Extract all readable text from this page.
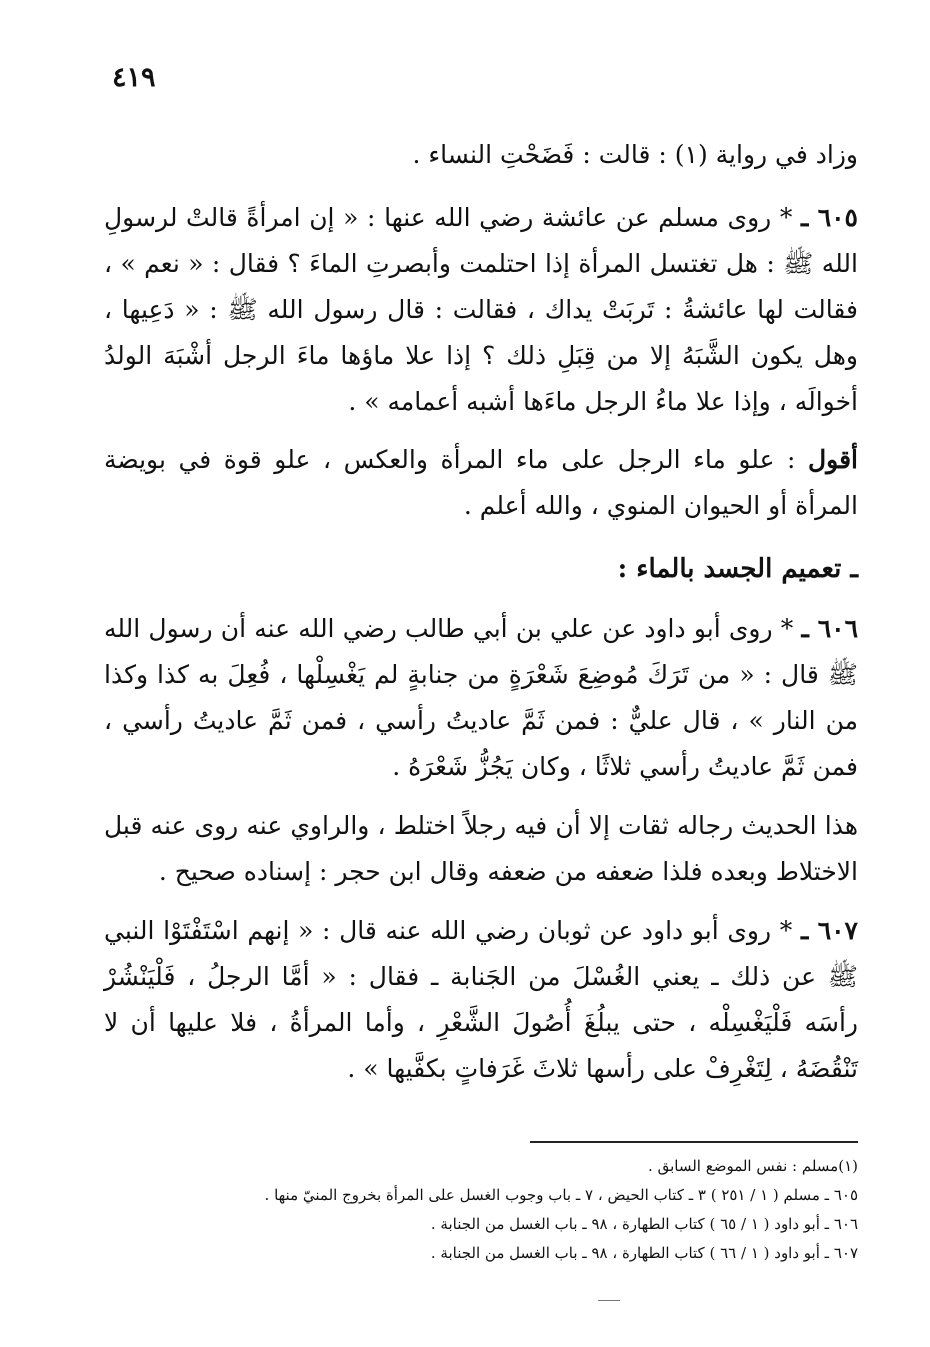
٤١٩

وزاد في رواية (١) : قالت : فَضَحْتِ النساء .

٦٠٥ ـ * روى مسلم عن عائشة رضي الله عنها : « إن امرأةً قالتْ لرسولِ الله ﷺ : هل تغتسل المرأة إذا احتلمت وأبصرتِ الماءَ ؟ فقال : « نعم » ، فقالت لها عائشةُ : تَربَتْ يداك ، فقالت : قال رسول الله ﷺ : « دَعِيها ، وهل يكون الشَّبَهُ إلا من قِبَلِ ذلك ؟ إذا علا ماؤها ماءَ الرجل أشْبَهَ الولدُ أخوالَه ، وإذا علا ماءُ الرجل ماءَها أشبه أعمامه » .

أقول : علو ماء الرجل على ماء المرأة والعكس ، علو قوة في بويضة المرأة أو الحيوان المنوي ، والله أعلم .

ـ تعميم الجسد بالماء :

٦٠٦ ـ * روى أبو داود عن علي بن أبي طالب رضي الله عنه أن رسول الله ﷺ قال : « من تَرَكَ مُوضِعَ شَعْرَةٍ من جنابةٍ لم يَغْسِلْها ، فُعِلَ به كذا وكذا من النار » ، قال عليٌّ : فمن ثَمَّ عاديتُ رأسي ، فمن ثَمَّ عاديتُ رأسي ، فمن ثَمَّ عاديتُ رأسي ثلاثًا ، وكان يَجُزُّ شَعْرَهُ .

هذا الحديث رجاله ثقات إلا أن فيه رجلاً اختلط ، والراوي عنه روى عنه قبل الاختلاط وبعده فلذا ضعفه من ضعفه وقال ابن حجر : إسناده صحيح .

٦٠٧ ـ * روى أبو داود عن ثوبان رضي الله عنه قال : « إنهم اسْتَفْتَوْا النبي ﷺ عن ذلك ـ يعني الغُسْلَ من الجَنابة ـ فقال : « أمَّا الرجلُ ، فَلْيَنْشُرْ رأسَه فَلْيَغْسِلْه ، حتى يبلُغَ أُصُولَ الشَّعْرِ ، وأما المرأةُ ، فلا عليها أن لا تَنْقُضَهُ ، لِتَغْرِفْ على رأسها ثلاثَ غَرَفاتٍ بكفَّيها » .

(١)مسلم : نفس الموضع السابق .
٦٠٥ ـ مسلم ( ١ / ٢٥١ ) ٣ ـ كتاب الحيض ، ٧ ـ باب وجوب الغسل على المرأة بخروج المنيّ منها .
٦٠٦ ـ أبو داود ( ١ / ٦٥ ) كتاب الطهارة ، ٩٨ ـ باب الغسل من الجنابة .
٦٠٧ ـ أبو داود ( ١ / ٦٦ ) كتاب الطهارة ، ٩٨ ـ باب الغسل من الجنابة .
